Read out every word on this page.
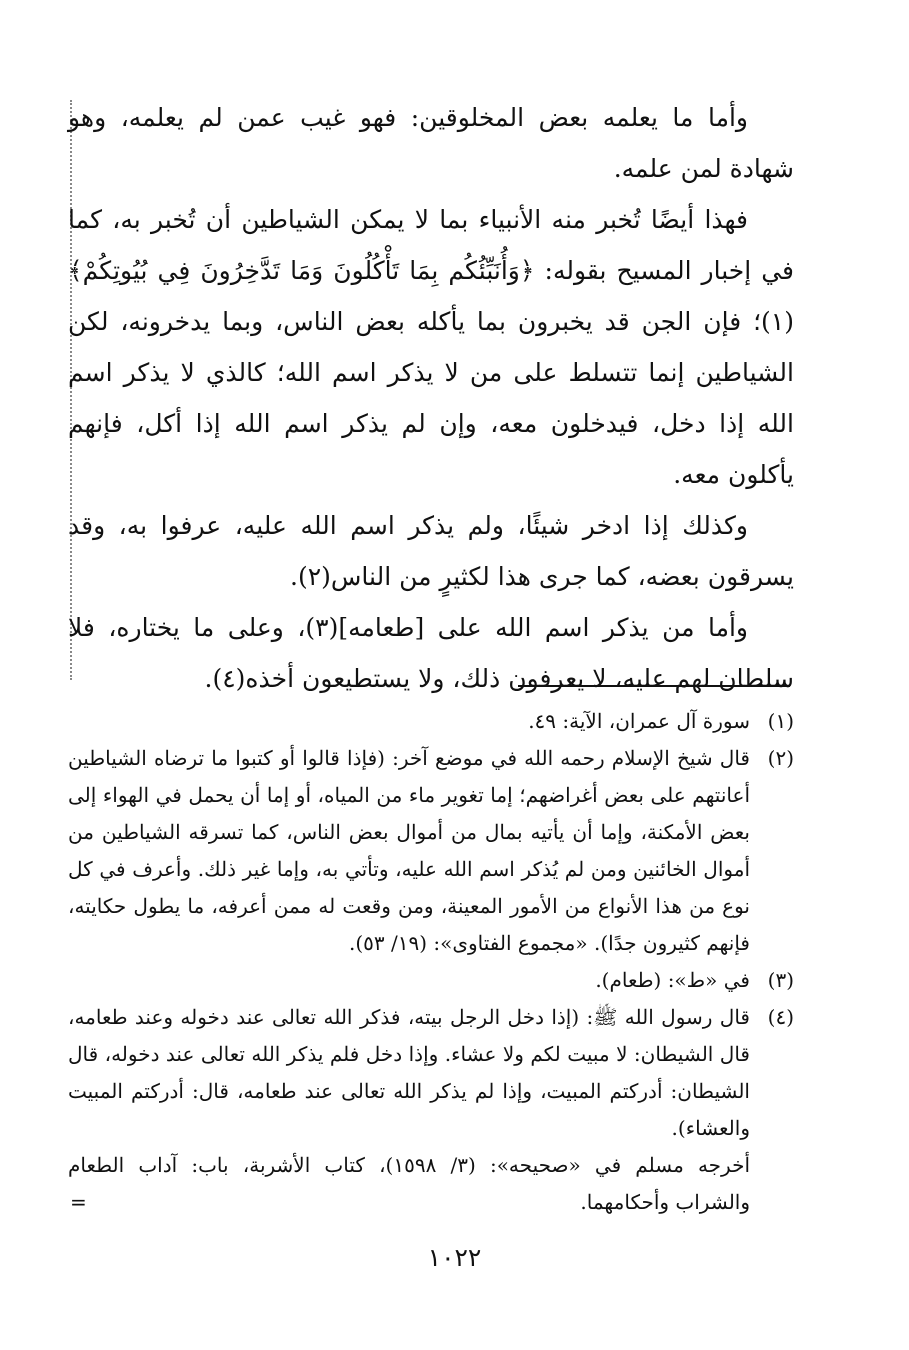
وأما ما يعلمه بعض المخلوقين: فهو غيب عمن لم يعلمه، وهو شهادة لمن علمه.

فهذا أيضًا تُخبر منه الأنبياء بما لا يمكن الشياطين أن تُخبر به، كما في إخبار المسيح بقوله: ﴿وَأُنَبِّئُكُم بِمَا تَأْكُلُونَ وَمَا تَدَّخِرُونَ فِي بُيُوتِكُمْ﴾(١)؛ فإن الجن قد يخبرون بما يأكله بعض الناس، وبما يدخرونه، لكن الشياطين إنما تتسلط على من لا يذكر اسم الله؛ كالذي لا يذكر اسم الله إذا دخل، فيدخلون معه، وإن لم يذكر اسم الله إذا أكل، فإنهم يأكلون معه.

وكذلك إذا ادخر شيئًا، ولم يذكر اسم الله عليه، عرفوا به، وقد يسرقون بعضه، كما جرى هذا لكثيرٍ من الناس(٢).

وأما من يذكر اسم الله على [طعامه](٣)، وعلى ما يختاره، فلا سلطان لهم عليه، لا يعرفون ذلك، ولا يستطيعون أخذه(٤).

(١)
سورة آل عمران، الآية: ٤٩.
(٢)
قال شيخ الإسلام رحمه الله في موضع آخر: (فإذا قالوا أو كتبوا ما ترضاه الشياطين أعانتهم على بعض أغراضهم؛ إما تغوير ماء من المياه، أو إما أن يحمل في الهواء إلى بعض الأمكنة، وإما أن يأتيه بمال من أموال بعض الناس، كما تسرقه الشياطين من أموال الخائنين ومن لم يُذكر اسم الله عليه، وتأتي به، وإما غير ذلك. وأعرف في كل نوع من هذا الأنواع من الأمور المعينة، ومن وقعت له ممن أعرفه، ما يطول حكايته، فإنهم كثيرون جدًا). «مجموع الفتاوى»: (١٩/ ٥٣).
(٣)
في «ط»: (طعام).
(٤)
قال رسول الله ﷺ: (إذا دخل الرجل بيته، فذكر الله تعالى عند دخوله وعند طعامه، قال الشيطان: لا مبيت لكم ولا عشاء. وإذا دخل فلم يذكر الله تعالى عند دخوله، قال الشيطان: أدركتم المبيت، وإذا لم يذكر الله تعالى عند طعامه، قال: أدركتم المبيت والعشاء).
أخرجه مسلم في «صحيحه»: (٣/ ١٥٩٨)، كتاب الأشربة، باب: آداب الطعام والشراب وأحكامهما.
=
١٠٢٢
